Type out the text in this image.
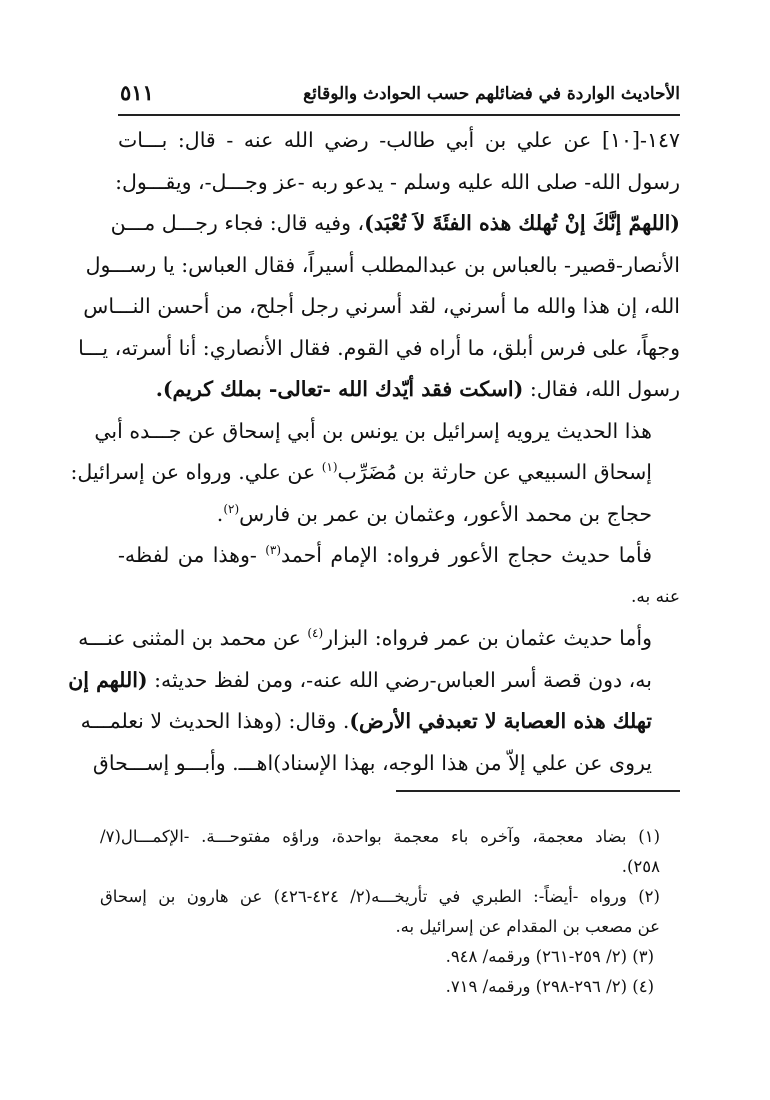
الأحاديث الواردة في فضائلهم حسب الحوادث والوقائع
٥١١

١٤٧-[١٠] عن علي بن أبي طالب- رضي الله عنه - قال: بـــات
رسول الله- صلى الله عليه وسلم - يدعو ربه -عز وجـــل-، ويقـــول:
(اللهمّ إنَّكَ إنْ تُهلك هذه الفئَةَ لاَ تُعْبَد)، وفيه قال: فجاء رجـــل مـــن
الأنصار-قصير- بالعباس بن عبدالمطلب أسيراً، فقال العباس: يا رســـول
الله، إن هذا والله ما أسرني، لقد أسرني رجل أجلح، من أحسن النـــاس
وجهاً، على فرس أبلق، ما أراه في القوم. فقال الأنصاري: أنا أسرته، يـــا
رسول الله، فقال: (اسكت فقد أيّدك الله -تعالى- بملك كريم).

هذا الحديث يرويه إسرائيل بن يونس بن أبي إسحاق عن جـــده أبي
إسحاق السبيعي عن حارثة بن مُضَرِّب$^{(١)}$ عن علي. ورواه عن إسرائيل:
حجاج بن محمد الأعور، وعثمان بن عمر بن فارس$^{(٢)}$.

فأما حديث حجاج الأعور فرواه: الإمام أحمد$^{(٣)}$ -وهذا من لفظه-
عنه به.

وأما حديث عثمان بن عمر فرواه: البزار$^{(٤)}$ عن محمد بن المثنى عنـــه
به، دون قصة أسر العباس-رضي الله عنه-، ومن لفظ حديثه: (اللهم إن
تهلك هذه العصابة لا تعبدفي الأرض). وقال: (وهذا الحديث لا نعلمـــه
يروى عن علي إلاّ من هذا الوجه، بهذا الإسناد)اهـــ. وأبـــو إســـحاق

(١) بضاد معجمة، وآخره باء معجمة بواحدة، وراؤه مفتوحـــة. -الإكمـــال(٧/
٢٥٨).
(٢) ورواه -أيضاً-: الطبري في تأريخـــه(٢/ ٤٢٤-٤٢٦) عن هارون بن إسحاق
عن مصعب بن المقدام عن إسرائيل به.
(٣) (٢/ ٢٥٩-٢٦١) ورقمه/ ٩٤٨.
(٤) (٢/ ٢٩٦-٢٩٨) ورقمه/ ٧١٩.
